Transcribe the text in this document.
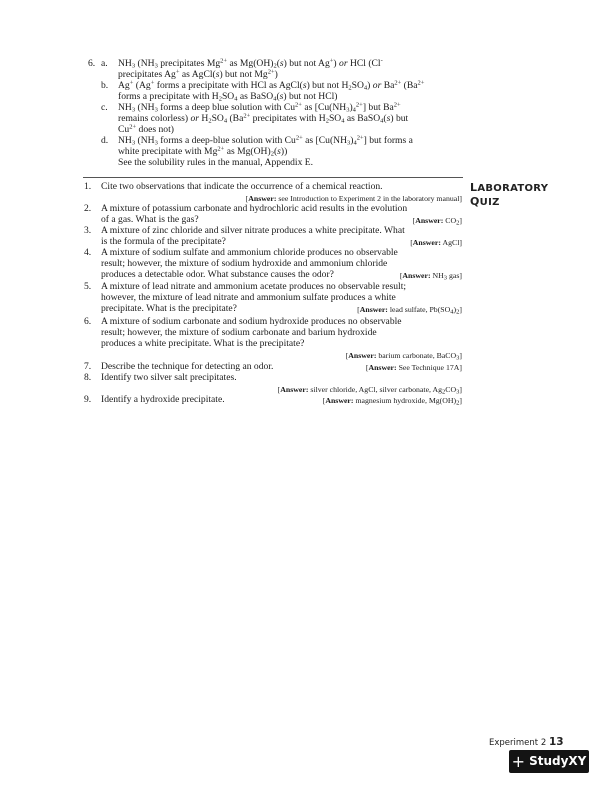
6. a. $NH_3$ ($NH_3$ precipitates $Mg^{2+}$ as $Mg(OH)_2(s)$ but not Ag+) or HCl (Cl-
precipitates Ag+ as AgCl(s) but not $Mg^{2+}$)
b. Ag+ (Ag+ forms a precipitate with HCl as AgCl(s) but not $H_2SO_4$) or $Ba^{2+}$ ($Ba^{2+}$
forms a precipitate with $H_2SO_4$ as BaSO$_4$(s) but not HCl)
c. $NH_3$ ($NH_3$ forms a deep blue solution with $Cu^{2+}$ as $[Cu(NH_3)_4^{2+}]$ but $Ba^{2+}$
remains colorless) or $H_2SO_4$ ($Ba^{2+}$ precipitates with $H_2SO_4$ as BaSO$_4$(s) but
$Cu^{2+}$ does not)
d. $NH_3$ ($NH_3$ forms a deep-blue solution with $Cu^{2+}$ as $[Cu(NH_3)_4^{2+}]$ but forms a
white precipitate with $Mg^{2+}$ as $Mg(OH)_2(s)$)
See the solubility rules in the manual, Appendix E.
LABORATORY
QUIZ
1. Cite two observations that indicate the occurrence of a chemical reaction.
[Answer: see Introduction to Experiment 2 in the laboratory manual]
2. A mixture of potassium carbonate and hydrochloric acid results in the evolution
of a gas. What is the gas?	[Answer: $CO_2$]
3. A mixture of zinc chloride and silver nitrate produces a white precipitate. What
is the formula of the precipitate?	[Answer: AgCl]
4. A mixture of sodium sulfate and ammonium chloride produces no observable
result; however, the mixture of sodium hydroxide and ammonium chloride
produces a detectable odor. What substance causes the odor?	[Answer: $NH_3$ gas]
5. A mixture of lead nitrate and ammonium acetate produces no observable result;
however, the mixture of lead nitrate and ammonium sulfate produces a white
precipitate. What is the precipitate?	[Answer: lead sulfate, $Pb(SO_4)_2$]
6. A mixture of sodium carbonate and sodium hydroxide produces no observable
result; however, the mixture of sodium carbonate and barium hydroxide
produces a white precipitate. What is the precipitate?
[Answer: barium carbonate, BaCO$_3$]
7. Describe the technique for detecting an odor.	[Answer: See Technique 17A]
8. Identify two silver salt precipitates.
[Answer: silver chloride, AgCl, silver carbonate, $Ag_2CO_3$]
9. Identify a hydroxide precipitate.	[Answer: magnesium hydroxide, $Mg(OH)_2$]
Experiment 2 13
+ StudyXY
